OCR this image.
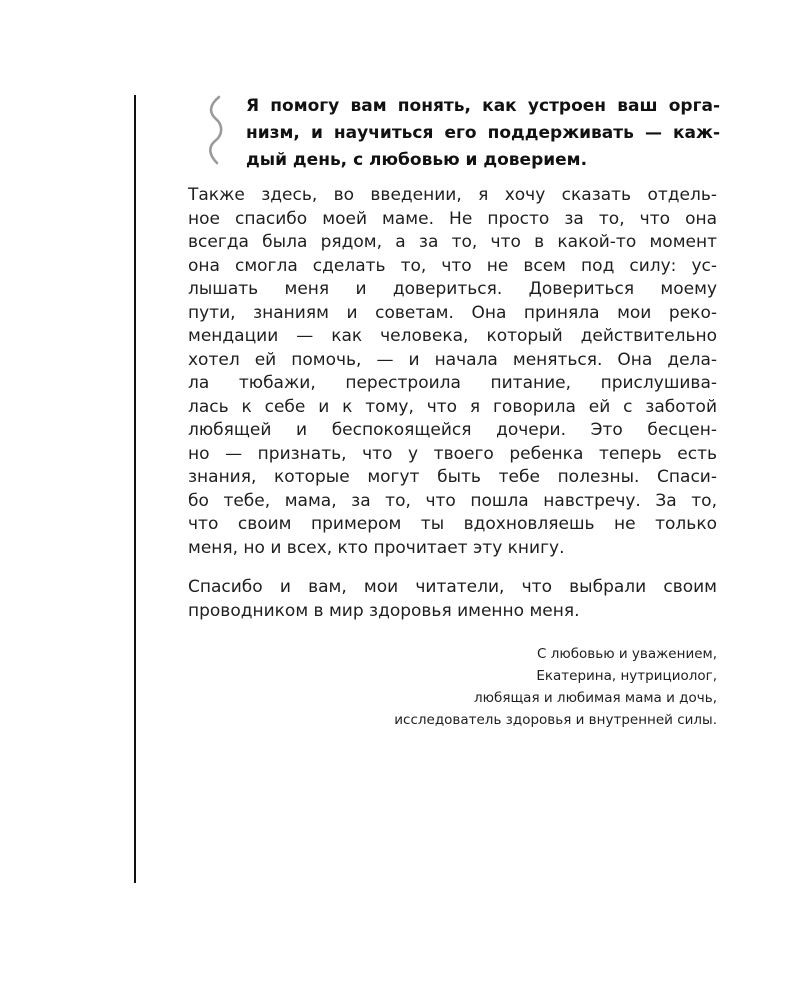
Я помогу вам понять, как устроен ваш орга-
низм, и научиться его поддерживать — каж-
дый день, с любовью и доверием.

Также здесь, во введении, я хочу сказать отдель-
ное спасибо моей маме. Не просто за то, что она
всегда была рядом, а за то, что в какой-то момент
она смогла сделать то, что не всем под силу: ус-
лышать меня и довериться. Довериться моему
пути, знаниям и советам. Она приняла мои реко-
мендации — как человека, который действительно
хотел ей помочь, — и начала меняться. Она дела-
ла тюбажи, перестроила питание, прислушива-
лась к себе и к тому, что я говорила ей с заботой
любящей и беспокоящейся дочери. Это бесцен-
но — признать, что у твоего ребенка теперь есть
знания, которые могут быть тебе полезны. Спаси-
бо тебе, мама, за то, что пошла навстречу. За то,
что своим примером ты вдохновляешь не только
меня, но и всех, кто прочитает эту книгу.

Спасибо и вам, мои читатели, что выбрали своим
проводником в мир здоровья именно меня.

С любовью и уважением,
Екатерина, нутрициолог,
любящая и любимая мама и дочь,
исследователь здоровья и внутренней силы.
